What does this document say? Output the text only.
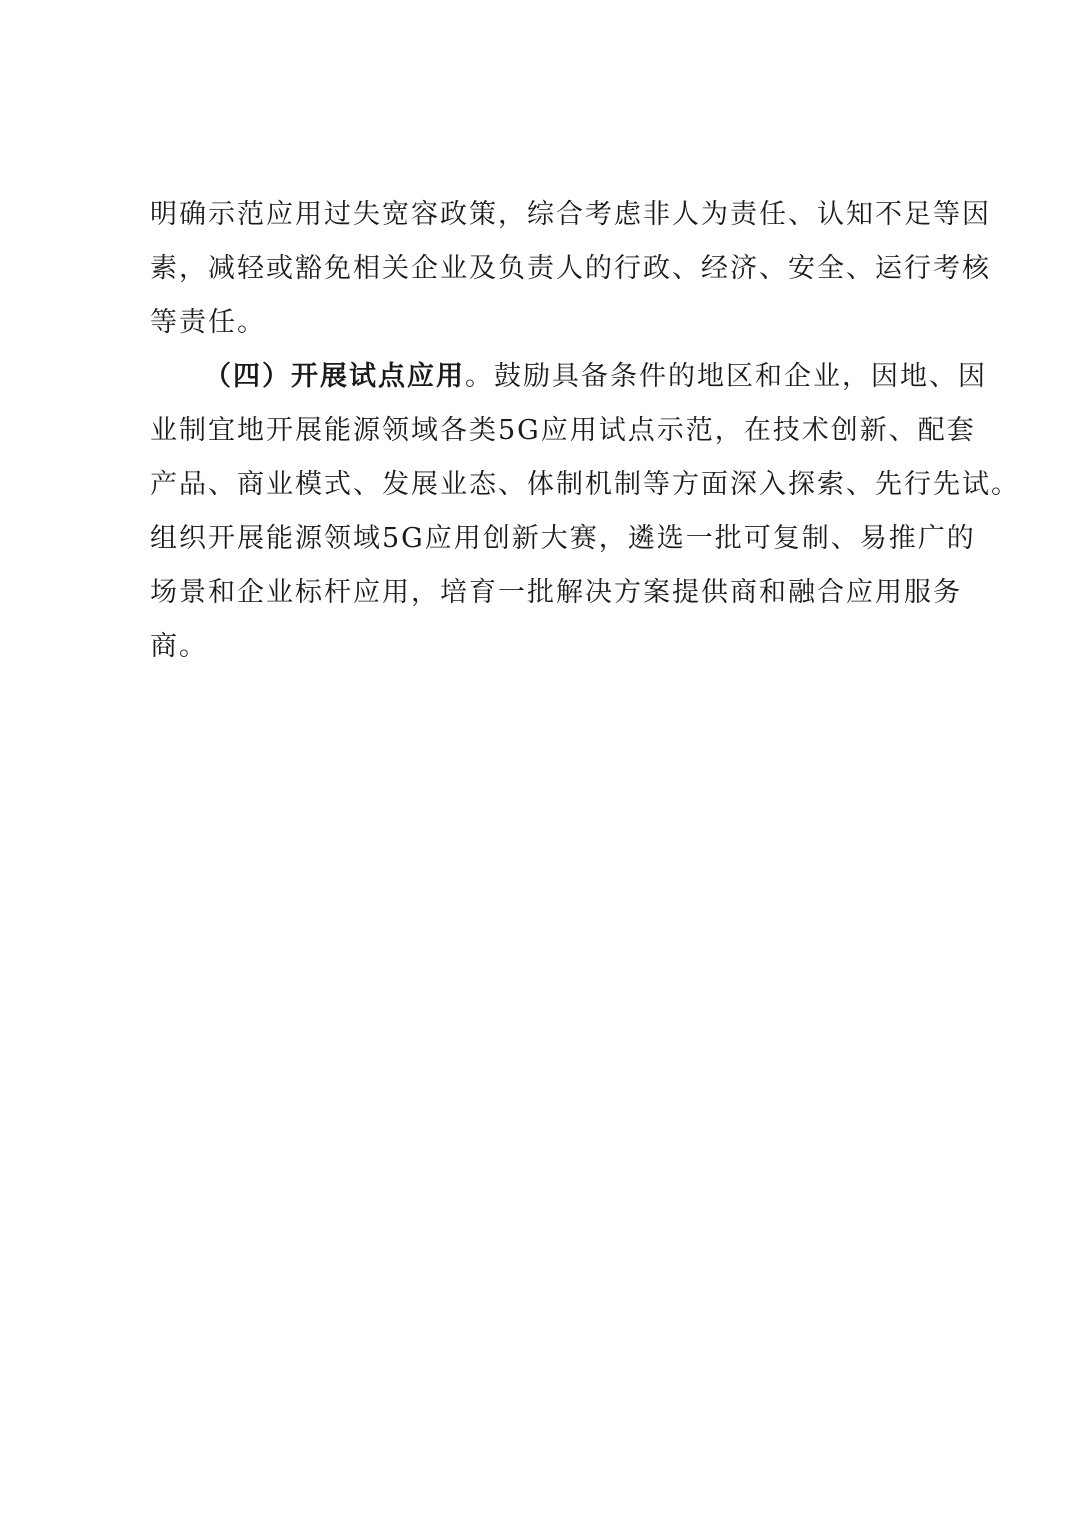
明确示范应用过失宽容政策，综合考虑非人为责任、认知不足等因
素，减轻或豁免相关企业及负责人的行政、经济、安全、运行考核
等责任。
（四）开展试点应用。鼓励具备条件的地区和企业，因地、因
业制宜地开展能源领域各类5G应用试点示范，在技术创新、配套
产品、商业模式、发展业态、体制机制等方面深入探索、先行先试。
组织开展能源领域5G应用创新大赛，遴选一批可复制、易推广的
场景和企业标杆应用，培育一批解决方案提供商和融合应用服务
商。
